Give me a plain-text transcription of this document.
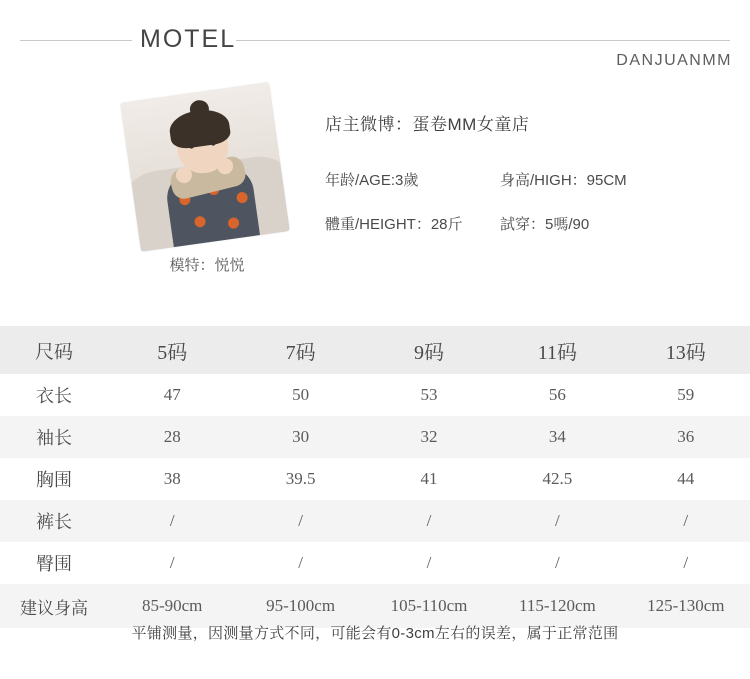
MOTEL
DANJUANMM
模特：悦悦
店主微博：蛋卷MM女童店
年龄/AGE:3歲	身高/HIGH：95CM
體重/HEIGHT：28斤	試穿：5嗎/90
尺码	5码	7码	9码	11码	13码
衣长	47	50	53	56	59
袖长	28	30	32	34	36
胸围	38	39.5	41	42.5	44
裤长	/	/	/	/	/
臀围	/	/	/	/	/
建议身高	85-90cm	95-100cm	105-110cm	115-120cm	125-130cm
平铺测量，因测量方式不同，可能会有0-3cm左右的误差，属于正常范围
